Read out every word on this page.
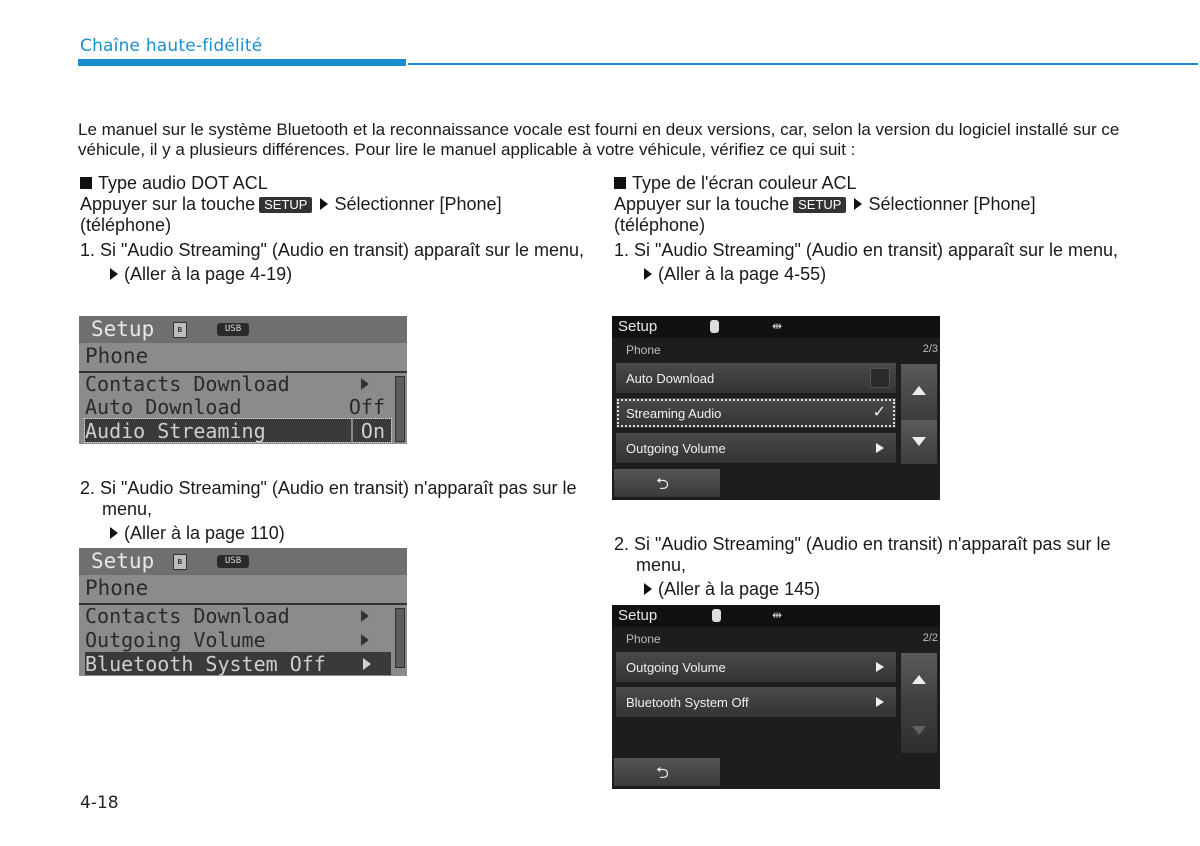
Chaîne haute-fidélité
Le manuel sur le système Bluetooth et la reconnaissance vocale est fourni en deux versions, car, selon la version du logiciel installé sur ce véhicule, il y a plusieurs différences. Pour lire le manuel applicable à votre véhicule, vérifiez ce qui suit :

Type audio DOT ACL

Appuyer sur la touche SETUP Sélectionner [Phone] (téléphone)

1. Si "Audio Streaming" (Audio en transit) apparaît sur le menu,

(Aller à la page 4-19)

Setup	ʙ	USB
Phone
Contacts Download
Auto Download	Off
Audio Streaming	On

2. Si "Audio Streaming" (Audio en transit) n'apparaît pas sur le menu,

(Aller à la page 110)

Setup	ʙ	USB
Phone
Contacts Download
Outgoing Volume
Bluetooth System Off

Type de l'écran couleur ACL

Appuyer sur la touche SETUP Sélectionner [Phone] (téléphone)

1. Si "Audio Streaming" (Audio en transit) apparaît sur le menu,

(Aller à la page 4-55)

Setup	⇹
Phone	2/3
Auto Download
Streaming Audio	✓
Outgoing Volume
⮌

2. Si "Audio Streaming" (Audio en transit) n'apparaît pas sur le menu,

(Aller à la page 145)

Setup	⇹
Phone	2/2
Outgoing Volume
Bluetooth System Off
⮌
4-18
